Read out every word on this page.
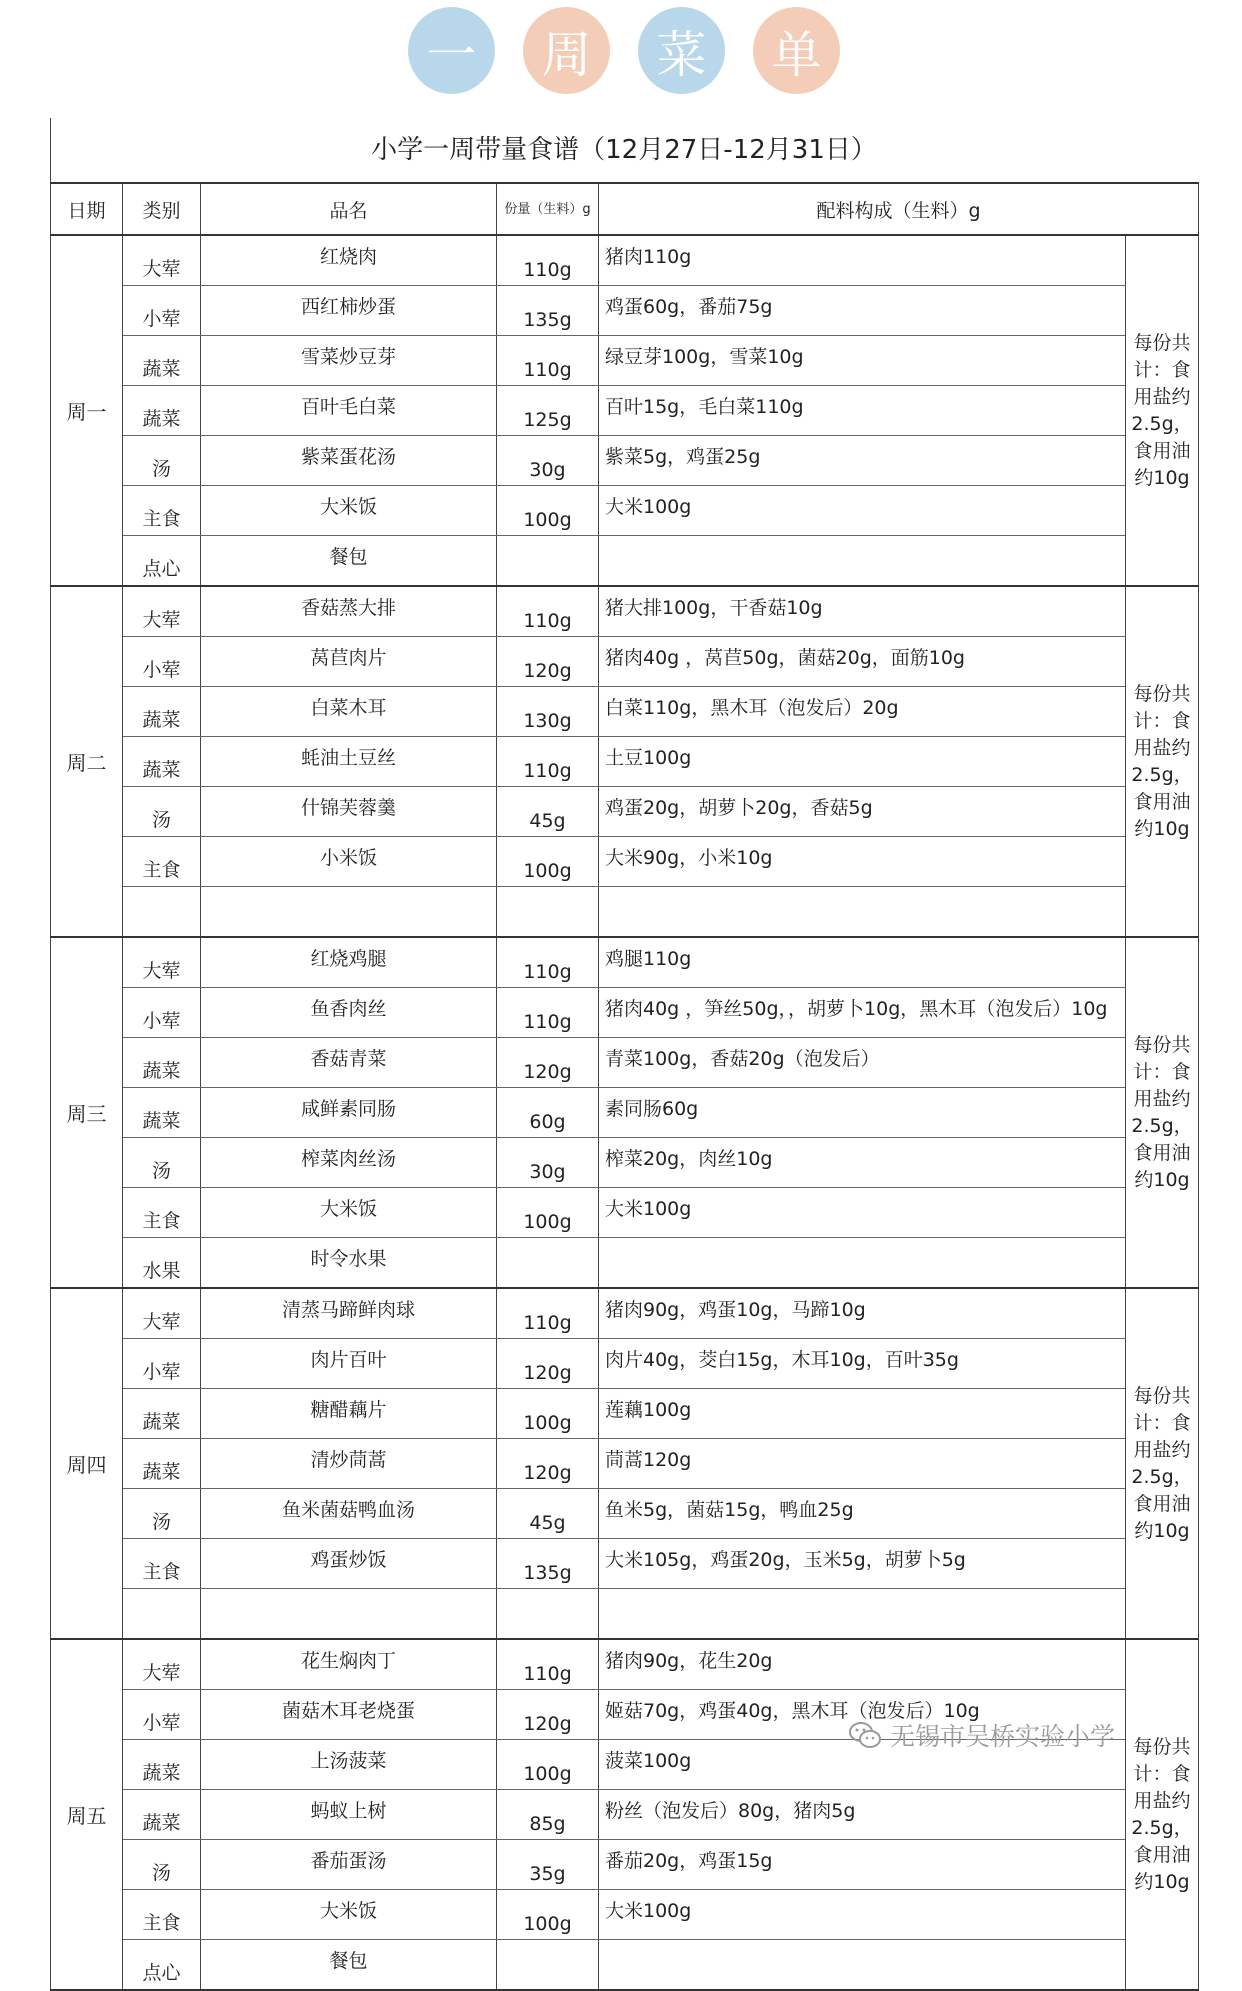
一	周	菜	单
小学一周带量食谱（12月27日-12月31日）
日期	类别	品名	份量（生料）g	配料构成（生料）g	
周一	大荤	红烧肉	110g	猪肉110g	每份共计：食用盐约2.5g，食用油约10g
	小荤	西红柿炒蛋	135g	鸡蛋60g，番茄75g	
	蔬菜	雪菜炒豆芽	110g	绿豆芽100g，雪菜10g	
	蔬菜	百叶毛白菜	125g	百叶15g，毛白菜110g	
	汤	紫菜蛋花汤	30g	紫菜5g，鸡蛋25g	
	主食	大米饭	100g	大米100g	
	点心	餐包			
周二	大荤	香菇蒸大排	110g	猪大排100g，干香菇10g	每份共计：食用盐约2.5g，食用油约10g
	小荤	莴苣肉片	120g	猪肉40g ，莴苣50g，菌菇20g，面筋10g	
	蔬菜	白菜木耳	130g	白菜110g，黑木耳（泡发后）20g	
	蔬菜	蚝油土豆丝	110g	土豆100g	
	汤	什锦芙蓉羹	45g	鸡蛋20g，胡萝卜20g，香菇5g	
	主食	小米饭	100g	大米90g，小米10g	

周三	大荤	红烧鸡腿	110g	鸡腿110g	每份共计：食用盐约2.5g，食用油约10g
	小荤	鱼香肉丝	110g	猪肉40g ，笋丝50g，，胡萝卜10g，黑木耳（泡发后）10g	
	蔬菜	香菇青菜	120g	青菜100g，香菇20g（泡发后）	
	蔬菜	咸鲜素同肠	60g	素同肠60g	
	汤	榨菜肉丝汤	30g	榨菜20g，肉丝10g	
	主食	大米饭	100g	大米100g	
	水果	时令水果			
周四	大荤	清蒸马蹄鲜肉球	110g	猪肉90g，鸡蛋10g，马蹄10g	每份共计：食用盐约2.5g，食用油约10g
	小荤	肉片百叶	120g	肉片40g，茭白15g，木耳10g，百叶35g	
	蔬菜	糖醋藕片	100g	莲藕100g	
	蔬菜	清炒茼蒿	120g	茼蒿120g	
	汤	鱼米菌菇鸭血汤	45g	鱼米5g，菌菇15g，鸭血25g	
	主食	鸡蛋炒饭	135g	大米105g，鸡蛋20g，玉米5g，胡萝卜5g	

周五	大荤	花生焖肉丁	110g	猪肉90g，花生20g	每份共计：食用盐约2.5g，食用油约10g
	小荤	菌菇木耳老烧蛋	120g	姬菇70g，鸡蛋40g，黑木耳（泡发后）10g	
	蔬菜	上汤菠菜	100g	菠菜100g	
	蔬菜	蚂蚁上树	85g	粉丝（泡发后）80g，猪肉5g	
	汤	番茄蛋汤	35g	番茄20g，鸡蛋15g	
	主食	大米饭	100g	大米100g	
	点心	餐包			
无锡市吴桥实验小学
